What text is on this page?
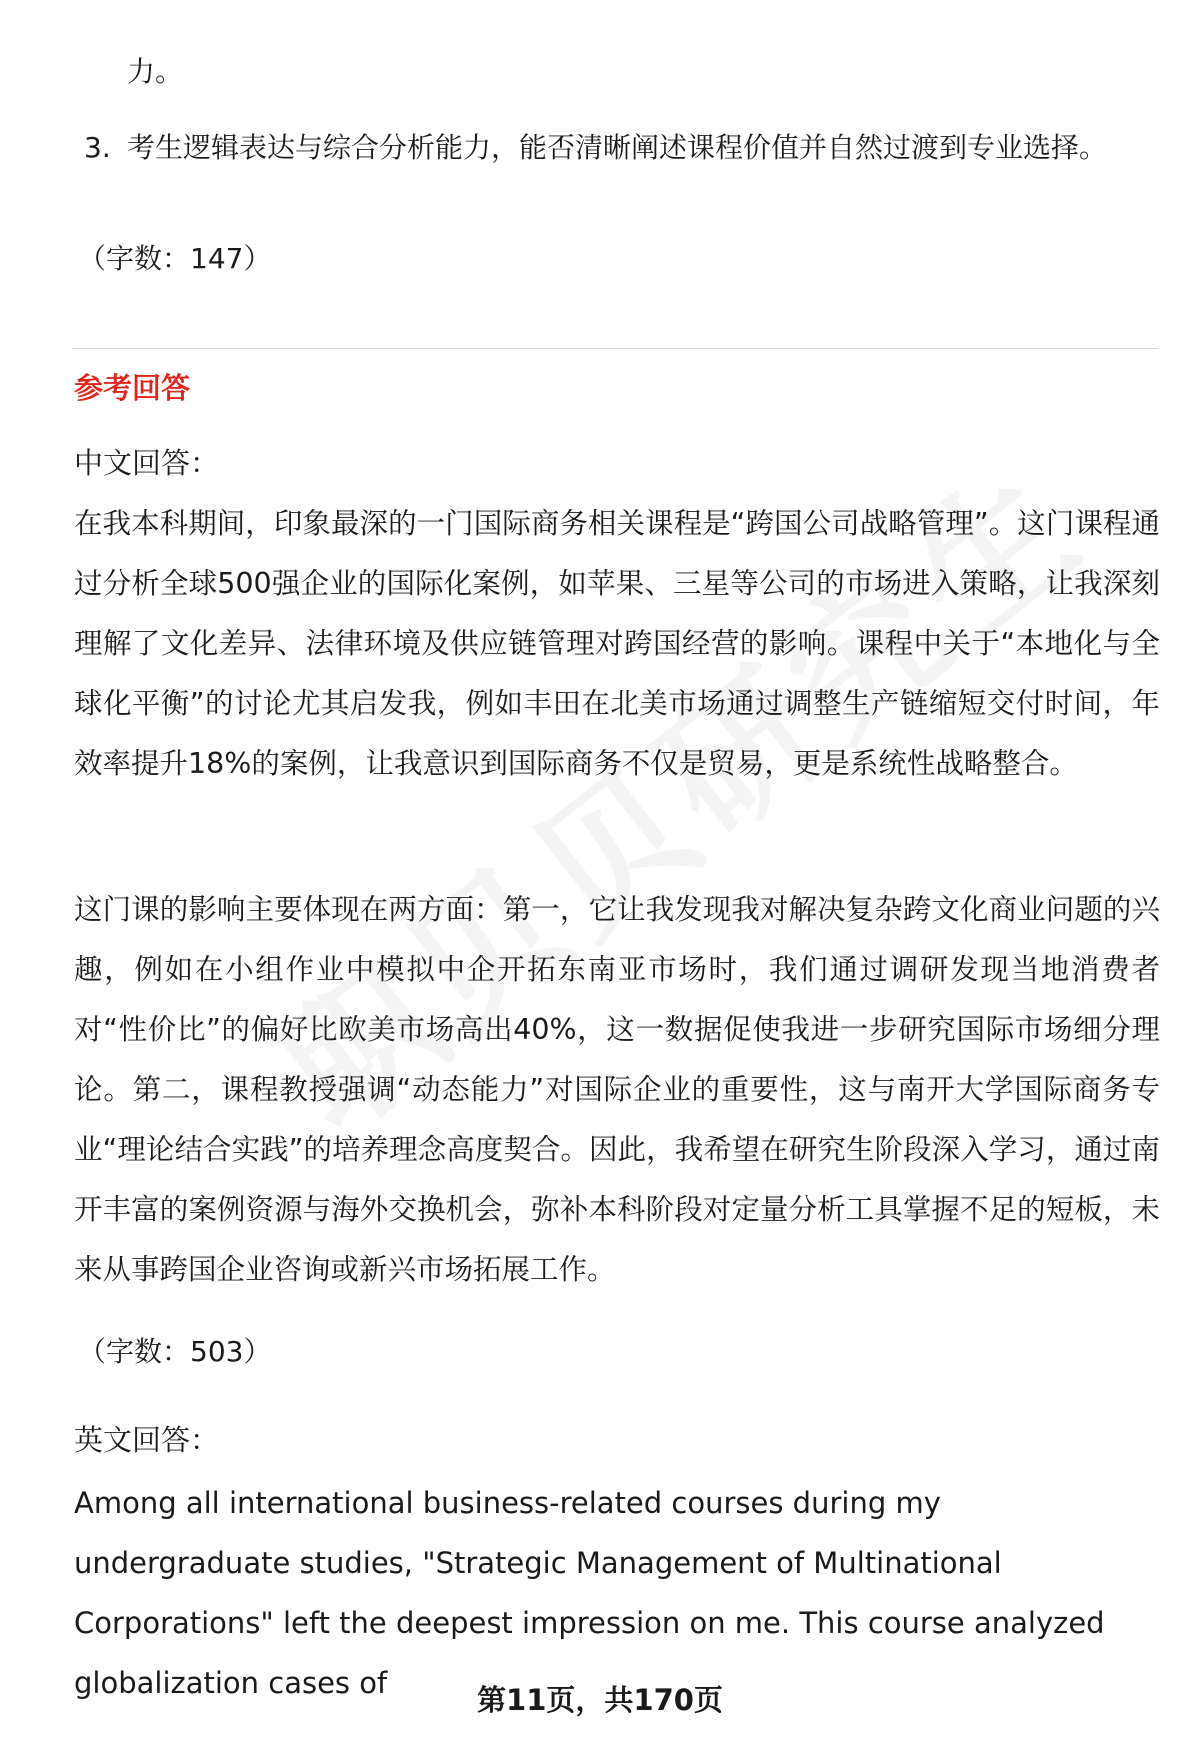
力。

3. 考生逻辑表达与综合分析能力，能否清晰阐述课程价值并自然过渡到专业选择。

（字数：147）

参考回答

中文回答：

在我本科期间，印象最深的一门国际商务相关课程是“跨国公司战略管理”。这门课程通过分析全球500强企业的国际化案例，如苹果、三星等公司的市场进入策略，让我深刻理解了文化差异、法律环境及供应链管理对跨国经营的影响。课程中关于“本地化与全球化平衡”的讨论尤其启发我，例如丰田在北美市场通过调整生产链缩短交付时间，年效率提升18%的案例，让我意识到国际商务不仅是贸易，更是系统性战略整合。

这门课的影响主要体现在两方面：第一，它让我发现我对解决复杂跨文化商业问题的兴趣，例如在小组作业中模拟中企开拓东南亚市场时，我们通过调研发现当地消费者对“性价比”的偏好比欧美市场高出40%，这一数据促使我进一步研究国际市场细分理论。第二，课程教授强调“动态能力”对国际企业的重要性，这与南开大学国际商务专业“理论结合实践”的培养理念高度契合。因此，我希望在研究生阶段深入学习，通过南开丰富的案例资源与海外交换机会，弥补本科阶段对定量分析工具掌握不足的短板，未来从事跨国企业咨询或新兴市场拓展工作。

（字数：503）

英文回答：

Among all international business-related courses during my undergraduate studies, "Strategic Management of Multinational Corporations" left the deepest impression on me. This course analyzed globalization cases of	第11页，共170页
